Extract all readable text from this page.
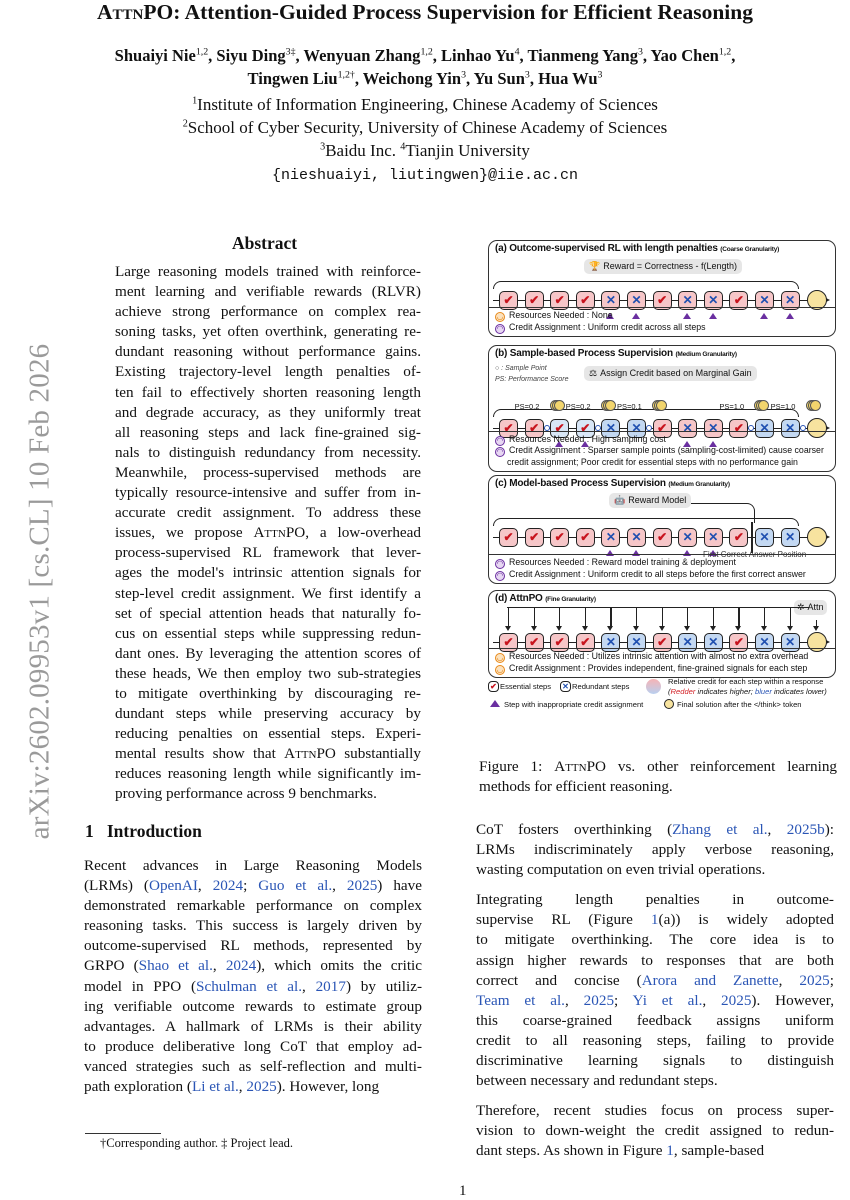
arXiv:2602.09953v1 [cs.CL] 10 Feb 2026
AttnPO: Attention-Guided Process Supervision for Efficient Reasoning
Shuaiyi Nie$^{1,2}$, Siyu Ding$^{3\ddagger}$, Wenyuan Zhang$^{1,2}$, Linhao Yu$^4$, Tianmeng Yang$^3$, Yao Chen$^{1,2}$,
Tingwen Liu$^{1,2\dagger}$, Weichong Yin$^3$, Yu Sun$^3$, Hua Wu$^3$
$^1$Institute of Information Engineering, Chinese Academy of Sciences
$^2$School of Cyber Security, University of Chinese Academy of Sciences
$^3$Baidu Inc. $^4$Tianjin University
{nieshuaiyi, liutingwen}@iie.ac.cn
Abstract
Large reasoning models trained with reinforce-
ment learning and verifiable rewards (RLVR)
achieve strong performance on complex rea-
soning tasks, yet often overthink, generating re-
dundant reasoning without performance gains.
Existing trajectory-level length penalties of-
ten fail to effectively shorten reasoning length
and degrade accuracy, as they uniformly treat
all reasoning steps and lack fine-grained sig-
nals to distinguish redundancy from necessity.
Meanwhile, process-supervised methods are
typically resource-intensive and suffer from in-
accurate credit assignment. To address these
issues, we propose AttnPO, a low-overhead
process-supervised RL framework that lever-
ages the model's intrinsic attention signals for
step-level credit assignment. We first identify a
set of special attention heads that naturally fo-
cus on essential steps while suppressing redun-
dant ones. By leveraging the attention scores of
these heads, We then employ two sub-strategies
to mitigate overthinking by discouraging re-
dundant steps while preserving accuracy by
reducing penalties on essential steps. Experi-
mental results show that AttnPO substantially
reduces reasoning length while significantly im-
proving performance across 9 benchmarks.
1 Introduction
Recent advances in Large Reasoning Models
(LRMs) (OpenAI, 2024; Guo et al., 2025) have
demonstrated remarkable performance on complex
reasoning tasks. This success is largely driven by
outcome-supervised RL methods, represented by
GRPO (Shao et al., 2024), which omits the critic
model in PPO (Schulman et al., 2017) by utiliz-
ing verifiable outcome rewards to estimate group
advantages. A hallmark of LRMs is their ability
to produce deliberative long CoT that employ ad-
vanced strategies such as self-reflection and multi-
path exploration (Li et al., 2025). However, long
CoT fosters overthinking (Zhang et al., 2025b):
LRMs indiscriminately apply verbose reasoning,
wasting computation on even trivial operations.
Integrating length penalties in outcome-
supervise RL (Figure 1(a)) is widely adopted
to mitigate overthinking. The core idea is to
assign higher rewards to responses that are both
correct and concise (Arora and Zanette, 2025;
Team et al., 2025; Yi et al., 2025). However,
this coarse-grained feedback assigns uniform
credit to all reasoning steps, failing to provide
discriminative learning signals to distinguish
between necessary and redundant steps.
Therefore, recent studies focus on process super-
vision to down-weight the credit assigned to redun-
dant steps. As shown in Figure 1, sample-based
(a) Outcome-supervised RL with length penalties (Coarse Granularity)
🏆 Reward = Correctness - f(Length)
✔	✔	✔	✔	✕	✕	✔	✕	✕	✔	✕	✕
◡ Resources Needed : None
◠ Credit Assignment : Uniform credit across all steps
(b) Sample-based Process Supervision (Medium Granularity)
⚖ Assign Credit based on Marginal Gain
○ : Sample Point
PS: Performance Score
✔	✔	✔	✔	✕	✕	✔	✕	✕	✔	✕	✕
PS=0.2	PS=0.2	PS=0.1	PS=1.0	PS=1.0
◠ Resources Needed : High sampling cost
◠ Credit Assignment : Sparser sample points (sampling-cost-limited) cause coarser
credit assignment; Poor credit for essential steps with no performance gain
(c) Model-based Process Supervision (Medium Granularity)
🤖 Reward Model
✔	✔	✔	✔	✕	✕	✔	✕	✕	✔	✕	✕
First Correct Answer Position
◠ Resources Needed : Reward model training & deployment
◠ Credit Assignment : Uniform credit to all steps before the first correct answer
(d) AttnPO (Fine Granularity)
✲ Attn
✔	✔	✔	✔	✕	✕	✔	✕	✕	✔	✕	✕
◡ Resources Needed : Utilizes intrinsic attention with almost no extra overhead
◡ Credit Assignment : Provides independent, fine-grained signals for each step
✔ Essential steps ✕ Redundant steps
Relative credit for each step within a response
(Redder indicates higher; bluer indicates lower)
Step with inappropriate credit assignment	Final solution after the </think> token
Figure 1: AttnPO vs. other reinforcement learning
methods for efficient reasoning.
†Corresponding author. ‡ Project lead.
1
